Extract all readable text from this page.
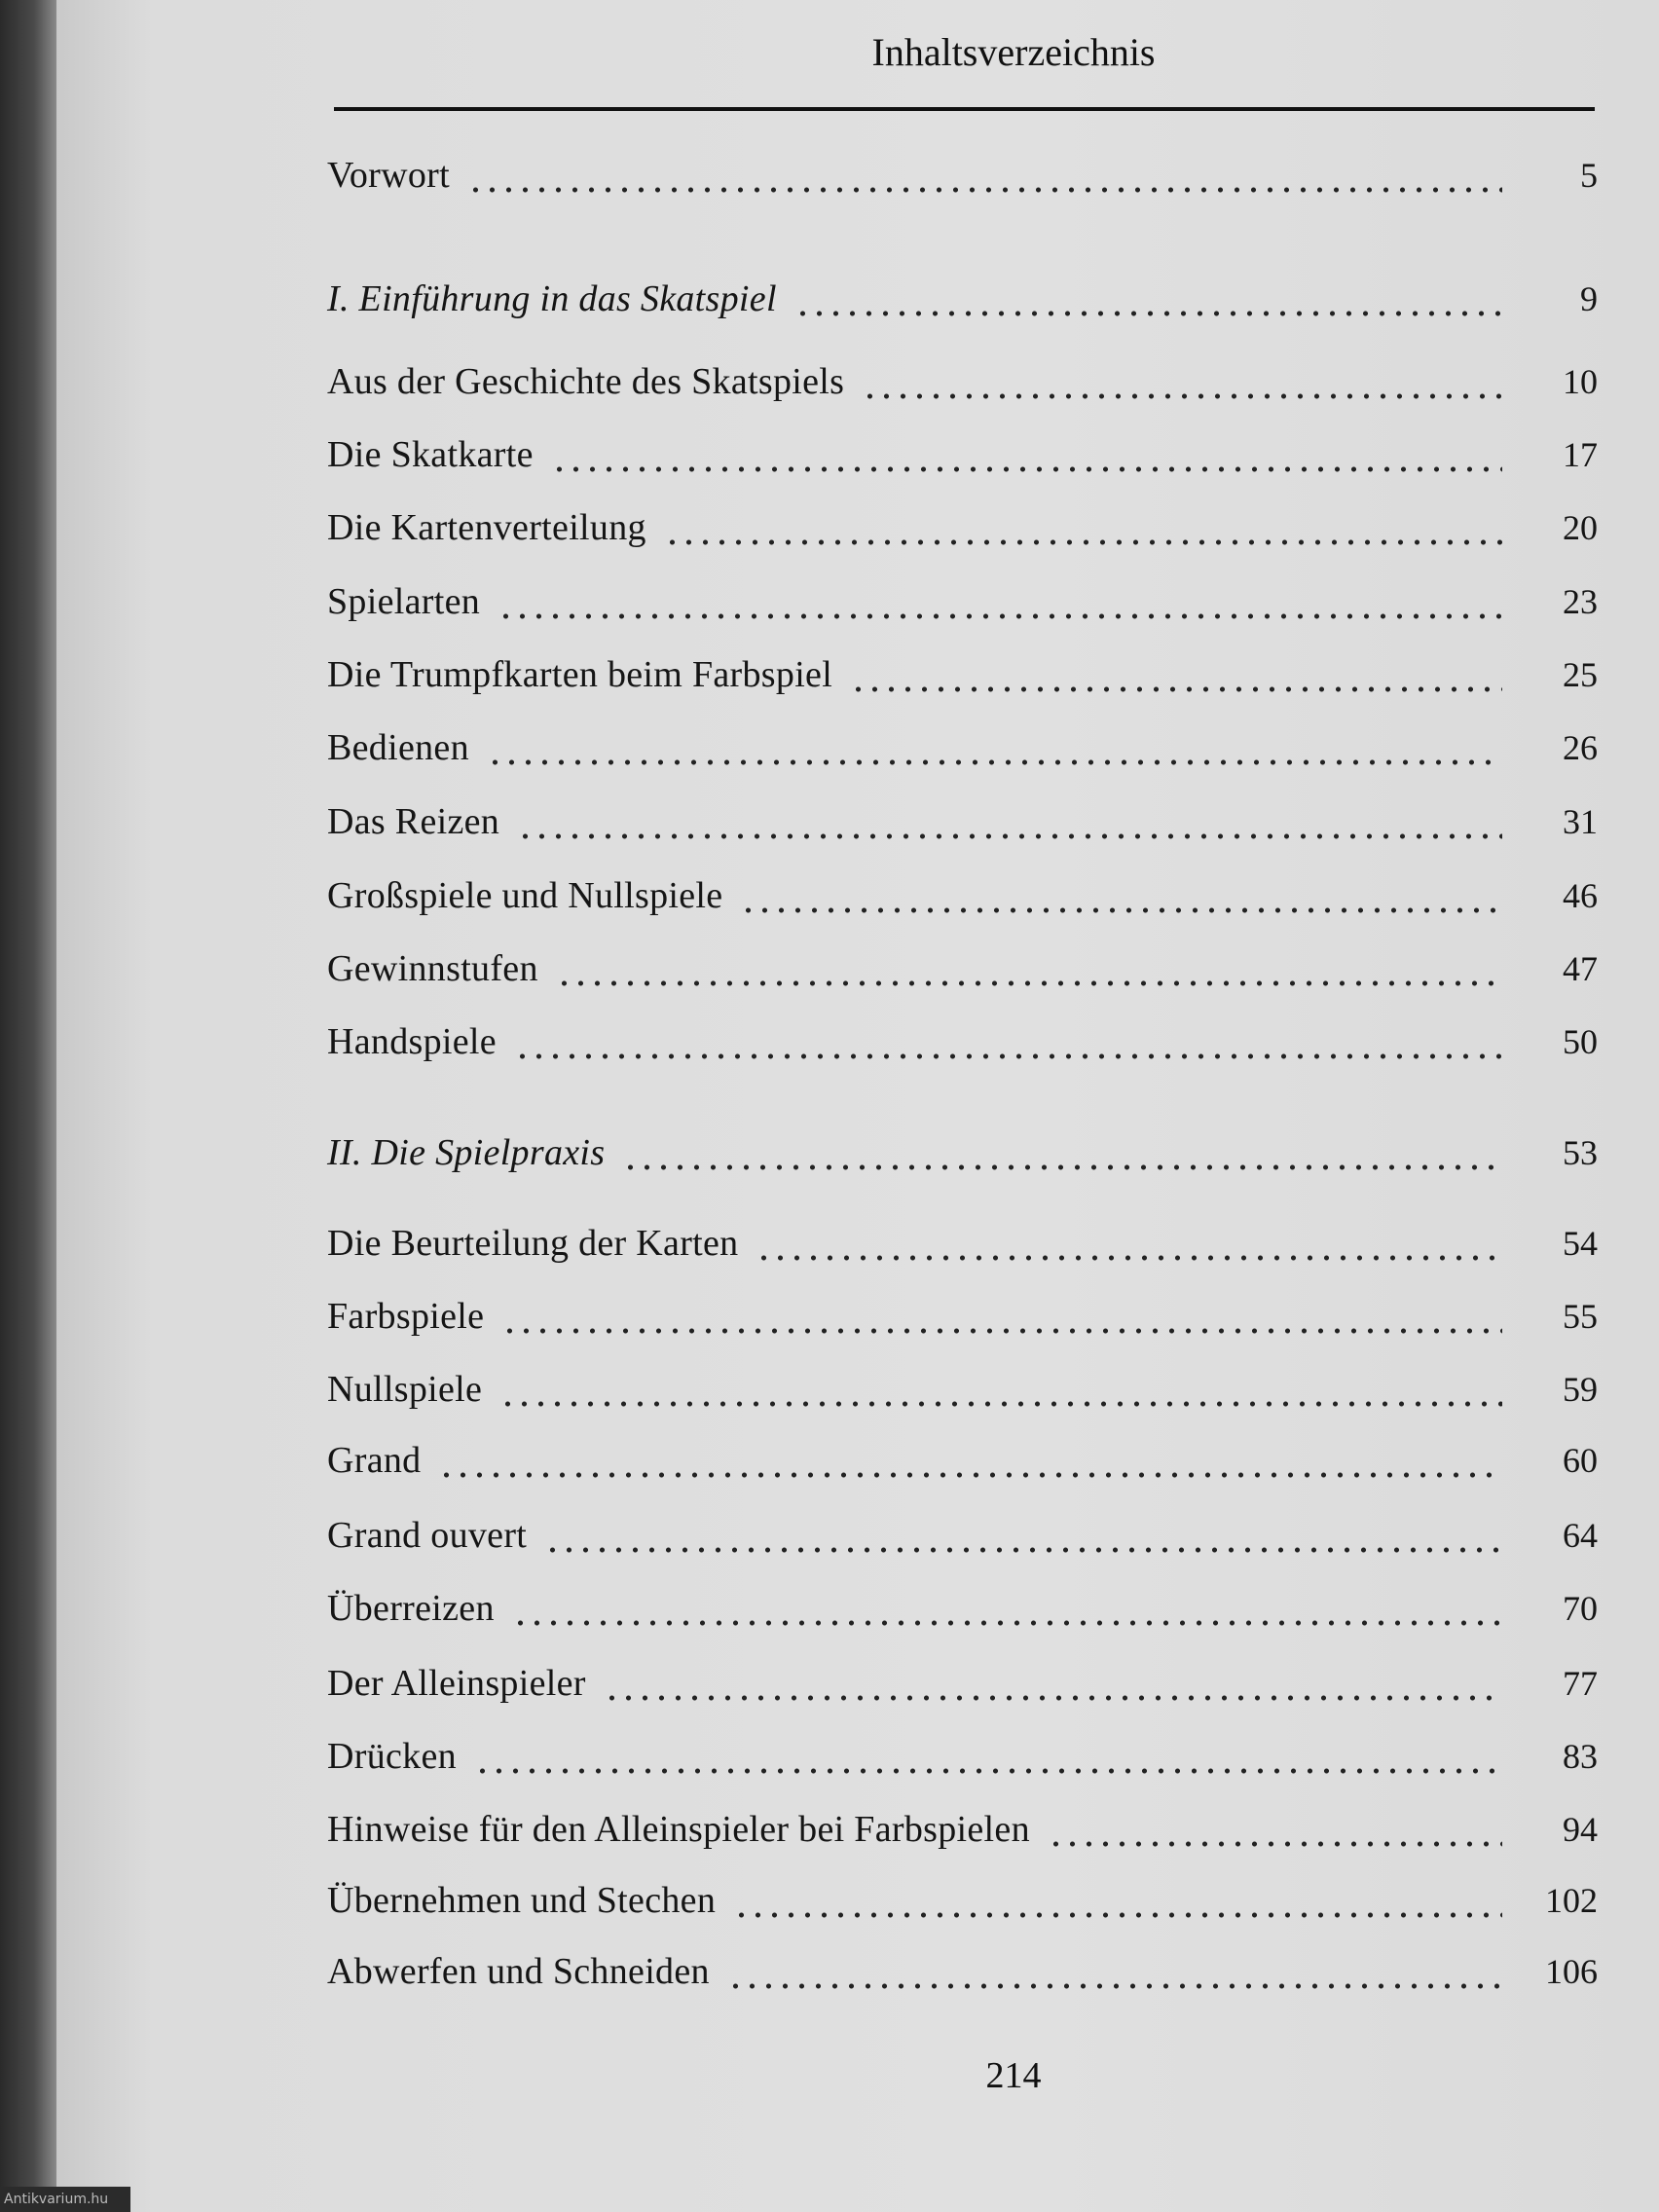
Inhaltsverzeichnis
Vorwort	5
I. Einführung in das Skatspiel	9
Aus der Geschichte des Skatspiels	10
Die Skatkarte	17
Die Kartenverteilung	20
Spielarten	23
Die Trumpfkarten beim Farbspiel	25
Bedienen	26
Das Reizen	31
Großspiele und Nullspiele	46
Gewinnstufen	47
Handspiele	50
II. Die Spielpraxis	53
Die Beurteilung der Karten	54
Farbspiele	55
Nullspiele	59
Grand	60
Grand ouvert	64
Überreizen	70
Der Alleinspieler	77
Drücken	83
Hinweise für den Alleinspieler bei Farbspielen	94
Übernehmen und Stechen	102
Abwerfen und Schneiden	106
214
Antikvarium.hu
